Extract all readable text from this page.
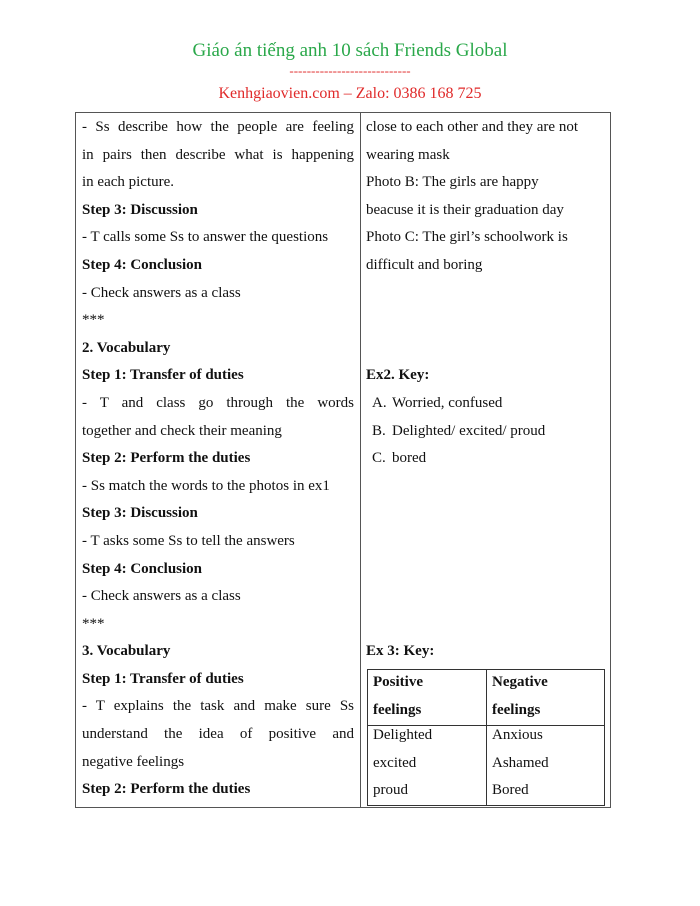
Giáo án tiếng anh 10 sách Friends Global
----------------------------
Kenhgiaovien.com – Zalo: 0386 168 725
- Ss describe how the people are feeling
in pairs then describe what is happening
in each picture.
Step 3: Discussion
- T calls some Ss to answer the questions
Step 4: Conclusion
- Check answers as a class
***
2. Vocabulary
Step 1: Transfer of duties
- T and class go through the words
together and check their meaning
Step 2: Perform the duties
- Ss match the words to the photos in ex1
Step 3: Discussion
- T asks some Ss to tell the answers
Step 4: Conclusion
- Check answers as a class
***
3. Vocabulary
Step 1: Transfer of duties
- T explains the task and make sure Ss
understand the idea of positive and
negative feelings
Step 2: Perform the duties
close to each other and they are not
wearing mask
Photo B: The girls are happy
beacuse it is their graduation day
Photo C: The girl’s schoolwork is
difficult and boring
Ex2. Key:
A. Worried, confused
B. Delighted/ excited/ proud
C. bored
Ex 3: Key:
Positive
feelings
Negative
feelings
Delighted
excited
proud
Anxious
Ashamed
Bored
